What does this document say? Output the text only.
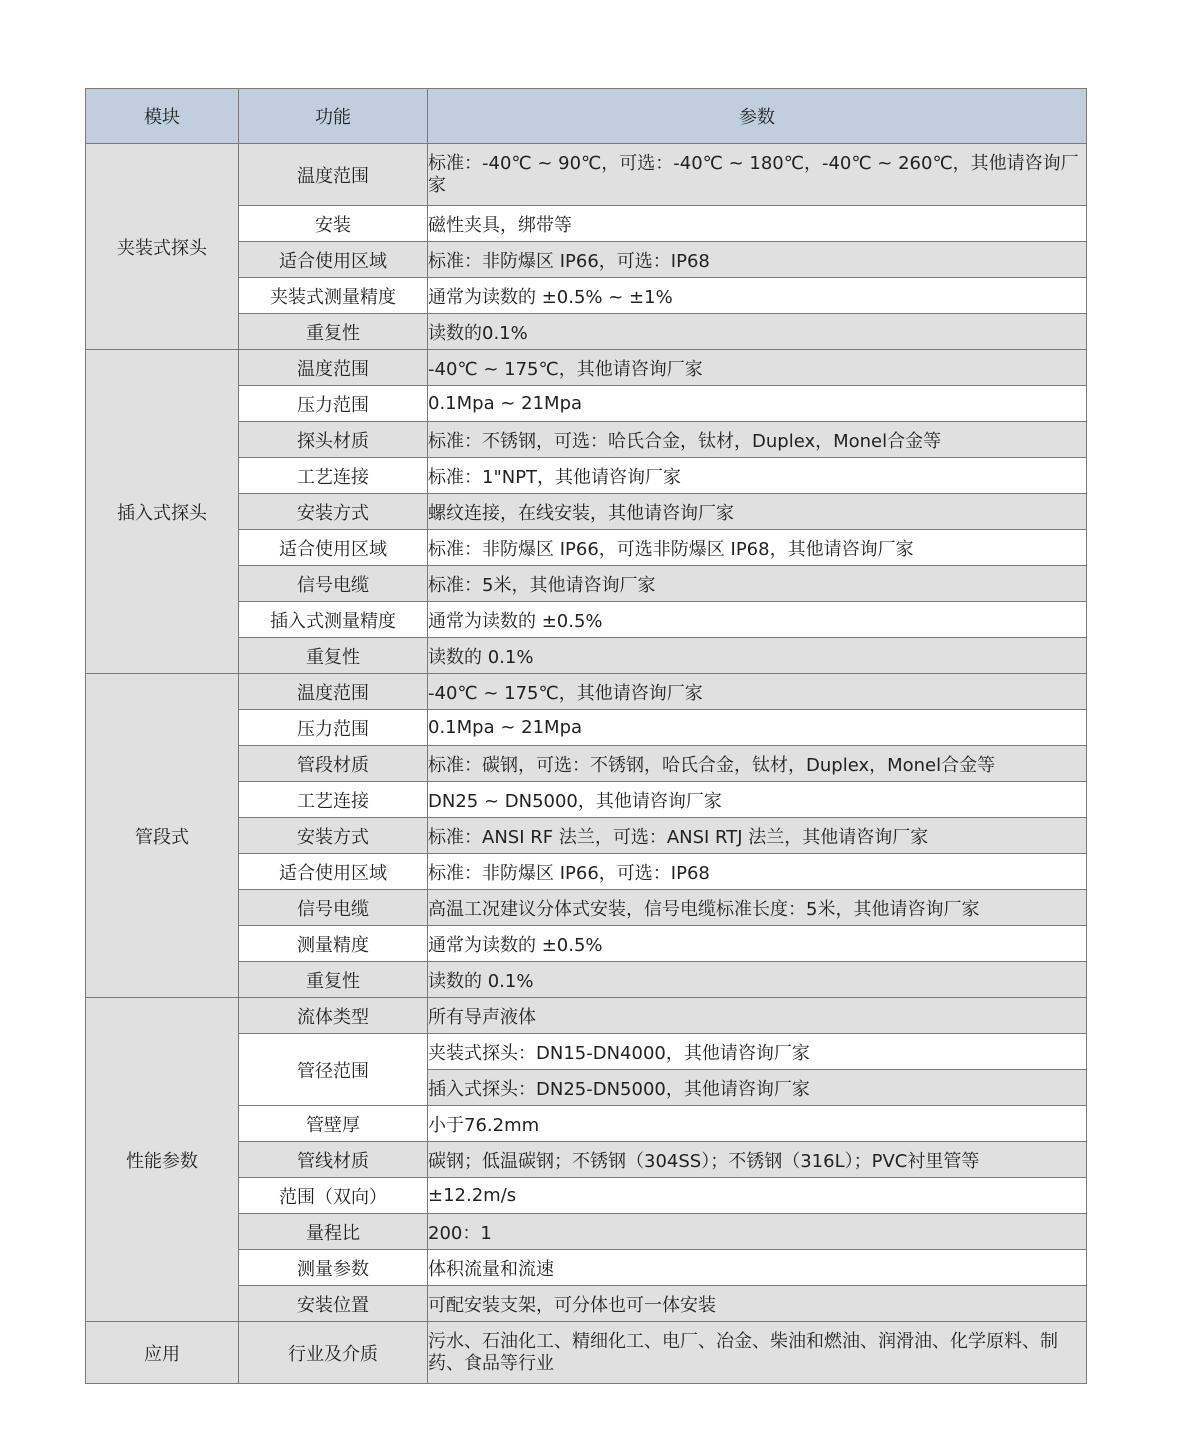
模块	功能	参数
夹装式探头	温度范围	标准：-40℃ ~ 90℃，可选：-40℃ ~ 180℃，-40℃ ~ 260℃，其他请咨询厂家
	安装	磁性夹具，绑带等
	适合使用区域	标准：非防爆区 IP66，可选：IP68
	夹装式测量精度	通常为读数的 ±0.5% ~ ±1%
	重复性	读数的0.1%
插入式探头	温度范围	-40℃ ~ 175℃，其他请咨询厂家
	压力范围	0.1Mpa ~ 21Mpa
	探头材质	标准：不锈钢，可选：哈氏合金，钛材，Duplex，Monel合金等
	工艺连接	标准：1"NPT，其他请咨询厂家
	安装方式	螺纹连接，在线安装，其他请咨询厂家
	适合使用区域	标准：非防爆区 IP66，可选非防爆区 IP68，其他请咨询厂家
	信号电缆	标准：5米，其他请咨询厂家
	插入式测量精度	通常为读数的 ±0.5%
	重复性	读数的 0.1%
管段式	温度范围	-40℃ ~ 175℃，其他请咨询厂家
	压力范围	0.1Mpa ~ 21Mpa
	管段材质	标准：碳钢，可选：不锈钢，哈氏合金，钛材，Duplex，Monel合金等
	工艺连接	DN25 ~ DN5000，其他请咨询厂家
	安装方式	标准：ANSI RF 法兰，可选：ANSI RTJ 法兰，其他请咨询厂家
	适合使用区域	标准：非防爆区 IP66，可选：IP68
	信号电缆	高温工况建议分体式安装，信号电缆标准长度：5米，其他请咨询厂家
	测量精度	通常为读数的 ±0.5%
	重复性	读数的 0.1%
性能参数	流体类型	所有导声液体
	管径范围	夹装式探头：DN15-DN4000，其他请咨询厂家
		插入式探头：DN25-DN5000，其他请咨询厂家
	管壁厚	小于76.2mm
	管线材质	碳钢；低温碳钢；不锈钢（304SS）；不锈钢（316L）；PVC衬里管等
	范围（双向）	±12.2m/s
	量程比	200：1
	测量参数	体积流量和流速
	安装位置	可配安装支架，可分体也可一体安装
应用	行业及介质	污水、石油化工、精细化工、电厂、冶金、柴油和燃油、润滑油、化学原料、制药、食品等行业
